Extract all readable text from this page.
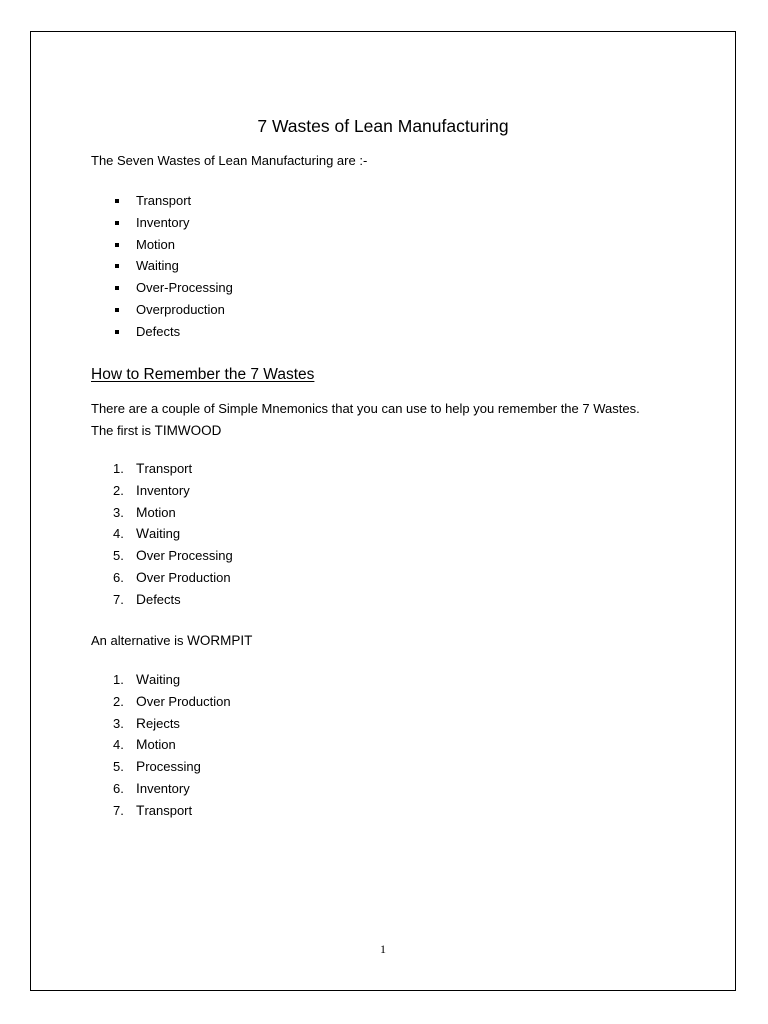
7 Wastes of Lean Manufacturing

The Seven Wastes of Lean Manufacturing are :-

Transport
Inventory
Motion
Waiting
Over-Processing
Overproduction
Defects
How to Remember the 7 Wastes

There are a couple of Simple Mnemonics that you can use to help you remember the 7 Wastes.
The first is TIMWOOD

1. Transport
2. Inventory
3. Motion
4. Waiting
5. Over Processing
6. Over Production
7. Defects

An alternative is WORMPIT

1. Waiting
2. Over Production
3. Rejects
4. Motion
5. Processing
6. Inventory
7. Transport
1
